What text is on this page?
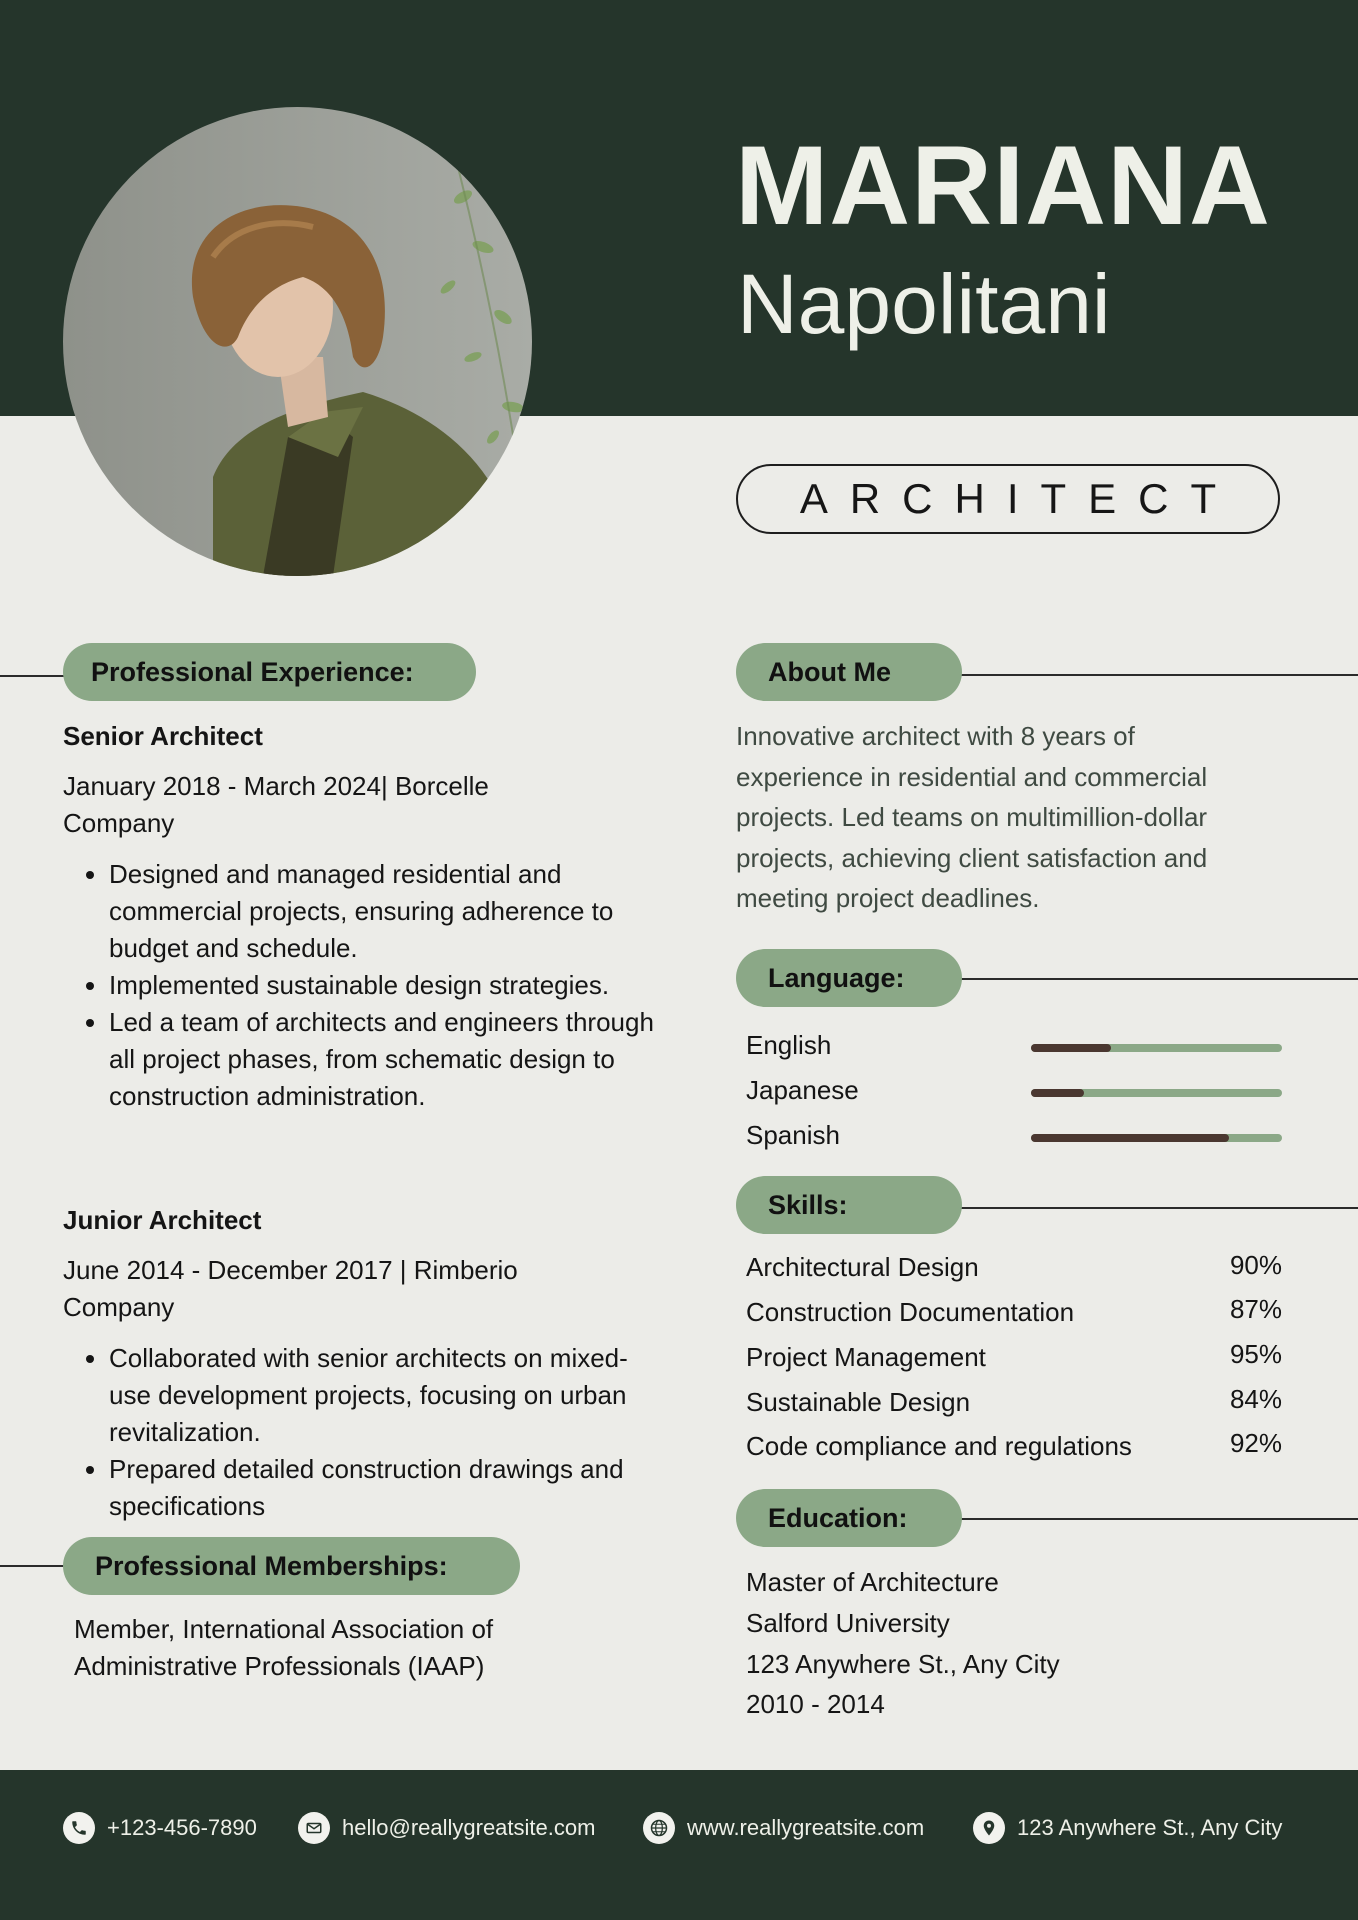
MARIANA
Napolitani
ARCHITECT
Professional Experience:
Senior Architect
January 2018 - March 2024| Borcelle Company
• Designed and managed residential and commercial projects, ensuring adherence to budget and schedule.
• Implemented sustainable design strategies.
• Led a team of architects and engineers through all project phases, from schematic design to construction administration.
Junior Architect
June 2014 - December 2017 | Rimberio Company
• Collaborated with senior architects on mixed-use development projects, focusing on urban revitalization.
• Prepared detailed construction drawings and specifications
Professional Memberships:
Member, International Association of Administrative Professionals (IAAP)
About Me
Innovative architect with 8 years of experience in residential and commercial projects. Led teams on multimillion-dollar projects, achieving client satisfaction and meeting project deadlines.
Language:
English
Japanese
Spanish
Skills:
Architectural Design	90%
Construction Documentation	87%
Project Management	95%
Sustainable Design	84%
Code compliance and regulations	92%
Education:
Master of Architecture
Salford University
123 Anywhere St., Any City
2010 - 2014
+123-456-7890	hello@reallygreatsite.com	www.reallygreatsite.com	123 Anywhere St., Any City
